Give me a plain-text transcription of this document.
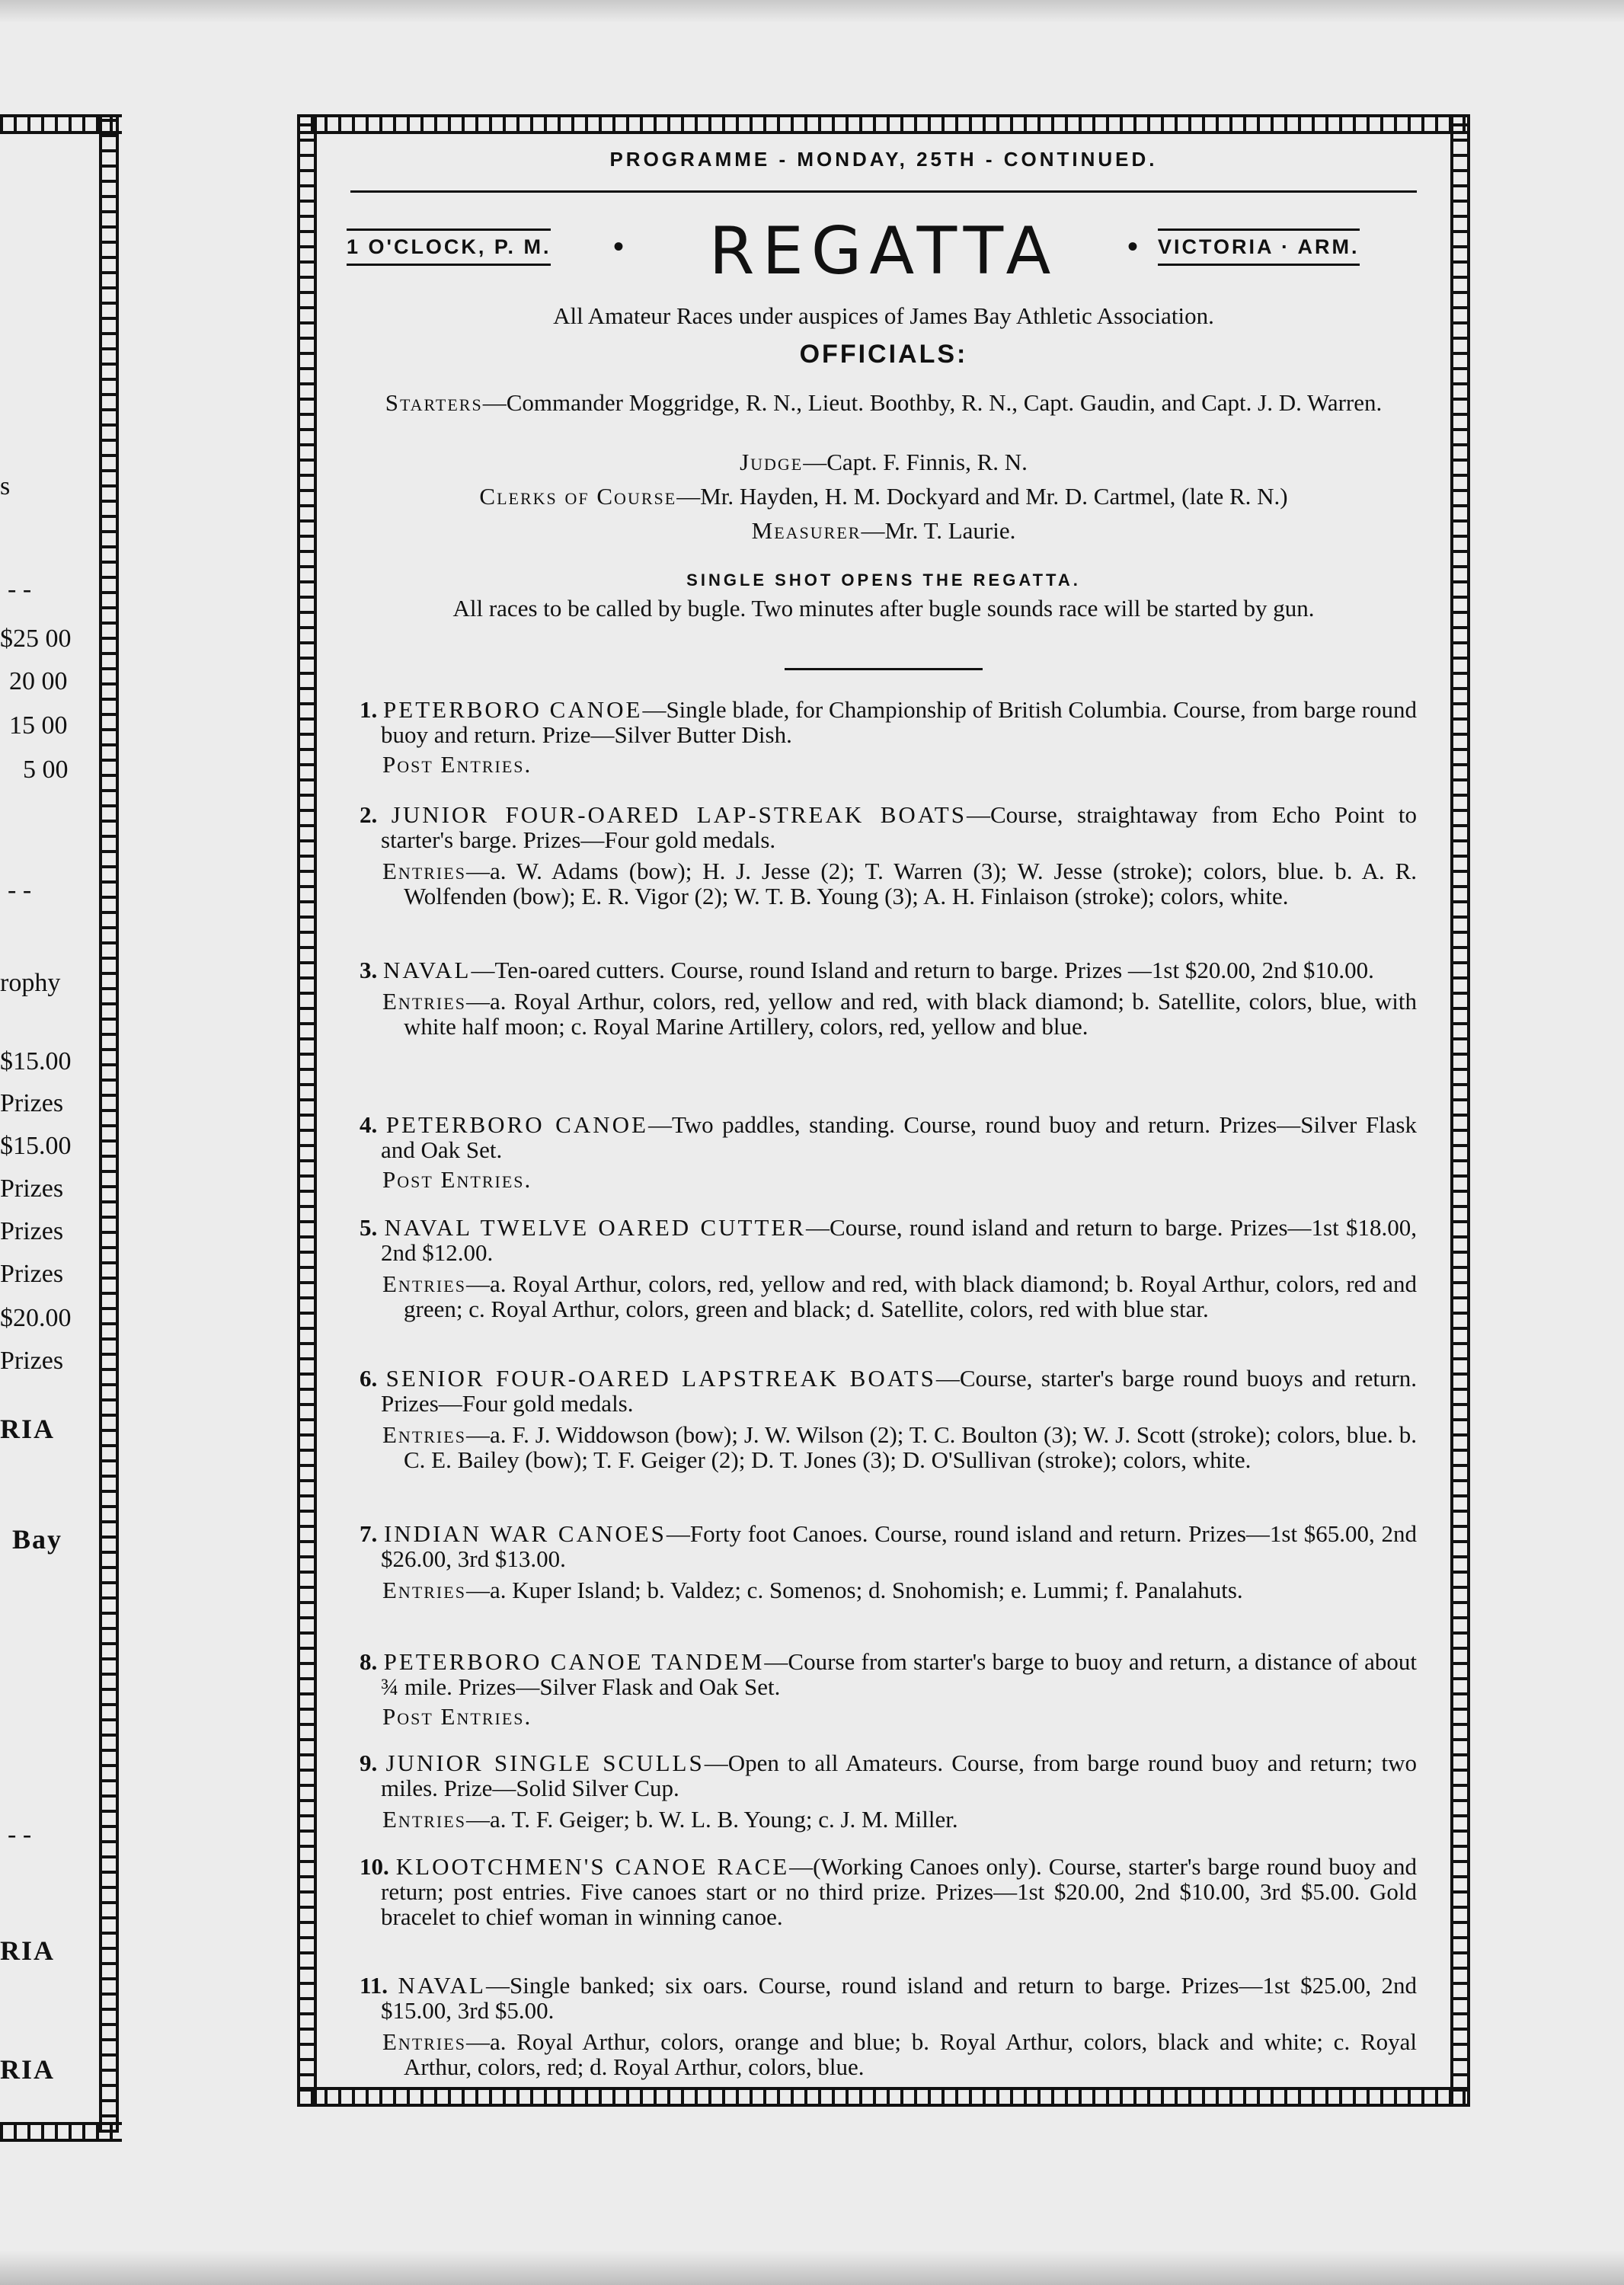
s
- -
$25 00
20 00
15 00
5 00
- -
rophy
$15.00
Prizes
$15.00
Prizes
Prizes
Prizes
$20.00
Prizes
RIA
Bay
- -
RIA
RIA
PROGRAMME - MONDAY, 25TH - CONTINUED.
1 O'CLOCK, P. M. •	REGATTA	• VICTORIA · ARM.
All Amateur Races under auspices of James Bay Athletic Association.
OFFICIALS:
Starters—Commander Moggridge, R. N., Lieut. Boothby, R. N., Capt. Gaudin, and Capt. J. D. Warren.
Judge—Capt. F. Finnis, R. N.
Clerks of Course—Mr. Hayden, H. M. Dockyard and Mr. D. Cartmel, (late R. N.)
Measurer—Mr. T. Laurie.
SINGLE SHOT OPENS THE REGATTA.
All races to be called by bugle. Two minutes after bugle sounds race will be started by gun.
1. PETERBORO CANOE—Single blade, for Championship of British Columbia. Course, from barge round buoy and return. Prize—Silver Butter Dish.
Post Entries.
2. JUNIOR FOUR-OARED LAP-STREAK BOATS—Course, straightaway from Echo Point to starter's barge. Prizes—Four gold medals.
Entries—a. W. Adams (bow); H. J. Jesse (2); T. Warren (3); W. Jesse (stroke); colors, blue. b. A. R. Wolfenden (bow); E. R. Vigor (2); W. T. B. Young (3); A. H. Finlaison (stroke); colors, white.
3. NAVAL—Ten-oared cutters. Course, round Island and return to barge. Prizes —1st $20.00, 2nd $10.00.
Entries—a. Royal Arthur, colors, red, yellow and red, with black diamond; b. Satellite, colors, blue, with white half moon; c. Royal Marine Artillery, colors, red, yellow and blue.
4. PETERBORO CANOE—Two paddles, standing. Course, round buoy and return. Prizes—Silver Flask and Oak Set.
Post Entries.
5. NAVAL TWELVE OARED CUTTER—Course, round island and return to barge. Prizes—1st $18.00, 2nd $12.00.
Entries—a. Royal Arthur, colors, red, yellow and red, with black diamond; b. Royal Arthur, colors, red and green; c. Royal Arthur, colors, green and black; d. Satellite, colors, red with blue star.
6. SENIOR FOUR-OARED LAPSTREAK BOATS—Course, starter's barge round buoys and return. Prizes—Four gold medals.
Entries—a. F. J. Widdowson (bow); J. W. Wilson (2); T. C. Boulton (3); W. J. Scott (stroke); colors, blue. b. C. E. Bailey (bow); T. F. Geiger (2); D. T. Jones (3); D. O'Sullivan (stroke); colors, white.
7. INDIAN WAR CANOES—Forty foot Canoes. Course, round island and return. Prizes—1st $65.00, 2nd $26.00, 3rd $13.00.
Entries—a. Kuper Island; b. Valdez; c. Somenos; d. Snohomish; e. Lummi; f. Panalahuts.
8. PETERBORO CANOE TANDEM—Course from starter's barge to buoy and return, a distance of about ¾ mile. Prizes—Silver Flask and Oak Set.
Post Entries.
9. JUNIOR SINGLE SCULLS—Open to all Amateurs. Course, from barge round buoy and return; two miles. Prize—Solid Silver Cup.
Entries—a. T. F. Geiger; b. W. L. B. Young; c. J. M. Miller.
10. KLOOTCHMEN'S CANOE RACE—(Working Canoes only). Course, starter's barge round buoy and return; post entries. Five canoes start or no third prize. Prizes—1st $20.00, 2nd $10.00, 3rd $5.00. Gold bracelet to chief woman in winning canoe.
11. NAVAL—Single banked; six oars. Course, round island and return to barge. Prizes—1st $25.00, 2nd $15.00, 3rd $5.00.
Entries—a. Royal Arthur, colors, orange and blue; b. Royal Arthur, colors, black and white; c. Royal Arthur, colors, red; d. Royal Arthur, colors, blue.
